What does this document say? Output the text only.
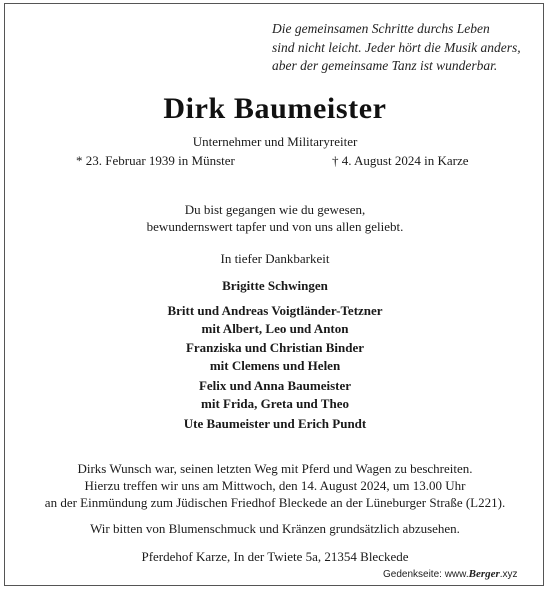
Die gemeinsamen Schritte durchs Leben
sind nicht leicht. Jeder hört die Musik anders,
aber der gemeinsame Tanz ist wunderbar.
Dirk Baumeister
Unternehmer und Militaryreiter
* 23. Februar 1939 in Münster	† 4. August 2024 in Karze
Du bist gegangen wie du gewesen,
bewundernswert tapfer und von uns allen geliebt.
In tiefer Dankbarkeit
Brigitte Schwingen
Britt und Andreas Voigtländer-Tetzner
mit Albert, Leo und Anton
Franziska und Christian Binder
mit Clemens und Helen
Felix und Anna Baumeister
mit Frida, Greta und Theo
Ute Baumeister und Erich Pundt
Dirks Wunsch war, seinen letzten Weg mit Pferd und Wagen zu beschreiten.
Hierzu treffen wir uns am Mittwoch, den 14. August 2024, um 13.00 Uhr
an der Einmündung zum Jüdischen Friedhof Bleckede an der Lüneburger Straße (L221).
Wir bitten von Blumenschmuck und Kränzen grundsätzlich abzusehen.
Pferdehof Karze, In der Twiete 5a, 21354 Bleckede
Gedenkseite: www.Berger.xyz
